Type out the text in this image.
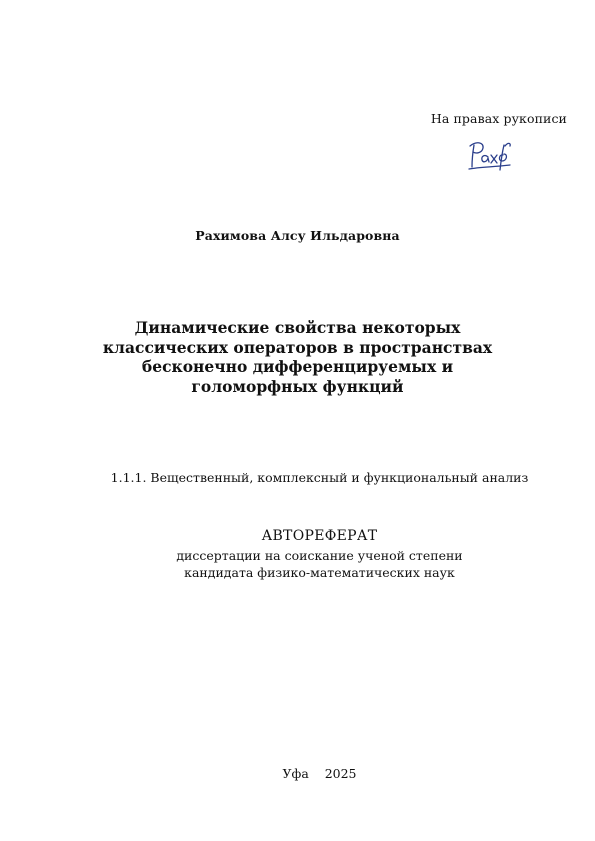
На правах рукописи
Рахимова Алсу Ильдаровна
Динамические свойства некоторых
классических операторов в пространствах
бесконечно дифференцируемых и
голоморфных функций
1.1.1. Вещественный, комплексный и функциональный анализ
АВТОРЕФЕРАТ
диссертации на соискание ученой степени
кандидата физико-математических наук
Уфа 2025
